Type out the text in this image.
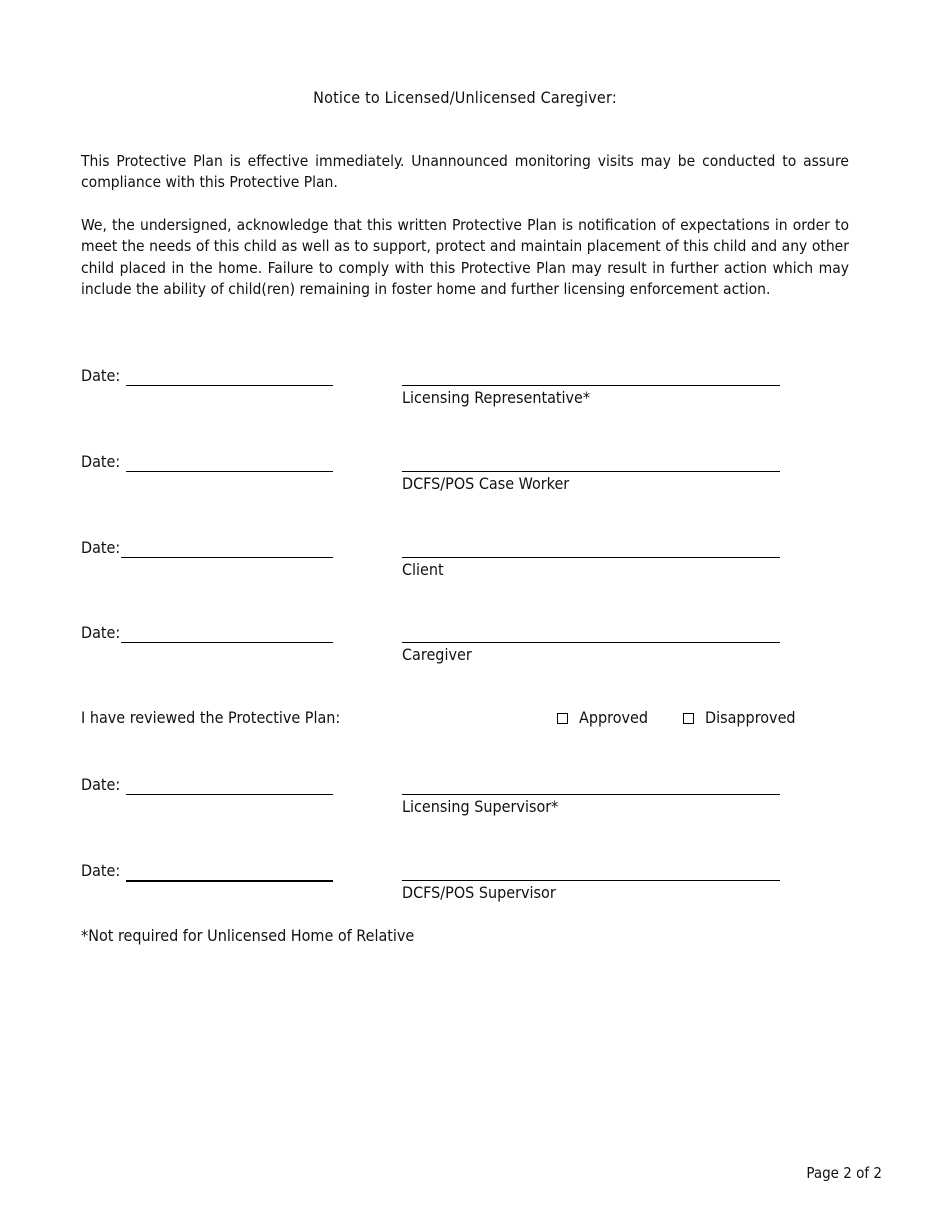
Notice to Licensed/Unlicensed Caregiver:

This Protective Plan is effective immediately. Unannounced monitoring visits may be conducted to assure compliance with this Protective Plan.

We, the undersigned, acknowledge that this written Protective Plan is notification of expectations in order to meet the needs of this child as well as to support, protect and maintain placement of this child and any other child placed in the home. Failure to comply with this Protective Plan may result in further action which may include the ability of child(ren) remaining in foster home and further licensing enforcement action.

Date:
Licensing Representative*
Date:
DCFS/POS Case Worker
Date:
Client
Date:
Caregiver
I have reviewed the Protective Plan:	Approved	Disapproved
Date:
Licensing Supervisor*
Date:
DCFS/POS Supervisor
*Not required for Unlicensed Home of Relative
Page 2 of 2
